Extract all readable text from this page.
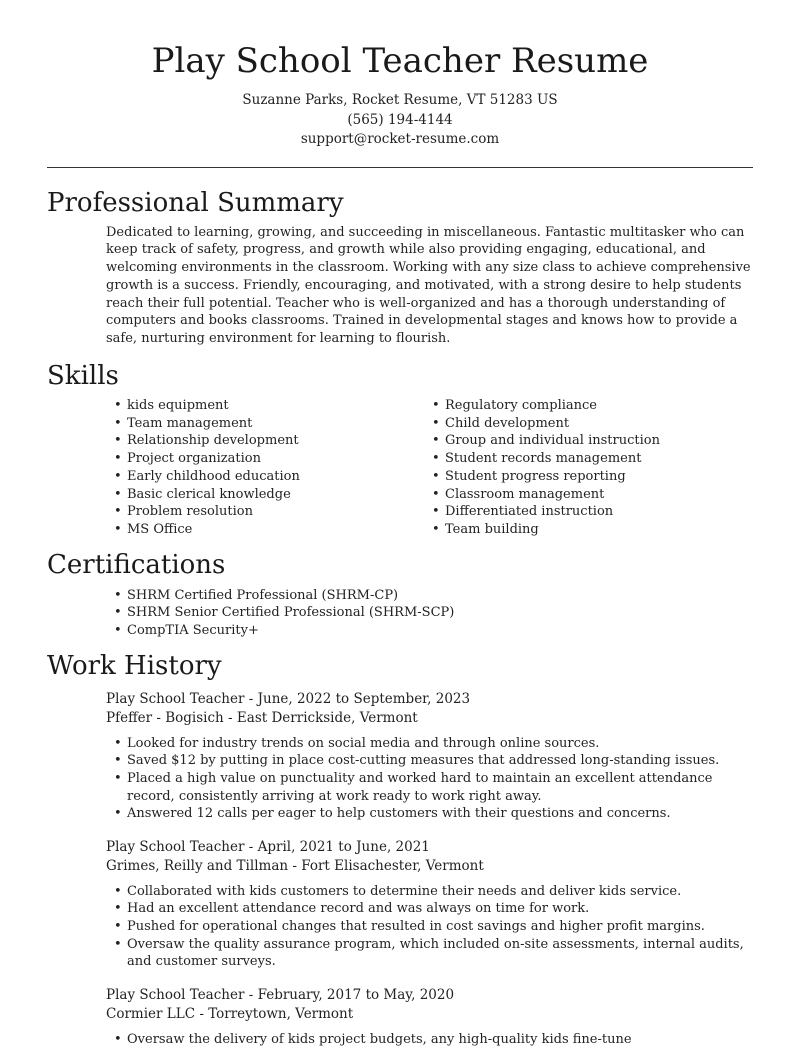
Play School Teacher Resume
Suzanne Parks, Rocket Resume, VT 51283 US
(565) 194-4144
support@rocket-resume.com
Professional Summary

Dedicated to learning, growing, and succeeding in miscellaneous. Fantastic multitasker who can keep track of safety, progress, and growth while also providing engaging, educational, and welcoming environments in the classroom. Working with any size class to achieve comprehensive growth is a success. Friendly, encouraging, and motivated, with a strong desire to help students reach their full potential. Teacher who is well-organized and has a thorough understanding of computers and books classrooms. Trained in developmental stages and knows how to provide a safe, nurturing environment for learning to flourish.

Skills
• kids equipment
• Team management
• Relationship development
• Project organization
• Early childhood education
• Basic clerical knowledge
• Problem resolution
• MS Office
• Regulatory compliance
• Child development
• Group and individual instruction
• Student records management
• Student progress reporting
• Classroom management
• Differentiated instruction
• Team building
Certifications
• SHRM Certified Professional (SHRM-CP)
• SHRM Senior Certified Professional (SHRM-SCP)
• CompTIA Security+
Work History
Play School Teacher - June, 2022 to September, 2023
Pfeffer - Bogisich - East Derrickside, Vermont
• Looked for industry trends on social media and through online sources.
• Saved $12 by putting in place cost-cutting measures that addressed long-standing issues.
• Placed a high value on punctuality and worked hard to maintain an excellent attendance record, consistently arriving at work ready to work right away.
• Answered 12 calls per eager to help customers with their questions and concerns.
Play School Teacher - April, 2021 to June, 2021
Grimes, Reilly and Tillman - Fort Elisachester, Vermont
• Collaborated with kids customers to determine their needs and deliver kids service.
• Had an excellent attendance record and was always on time for work.
• Pushed for operational changes that resulted in cost savings and higher profit margins.
• Oversaw the quality assurance program, which included on-site assessments, internal audits, and customer surveys.
Play School Teacher - February, 2017 to May, 2020
Cormier LLC - Torreytown, Vermont
• Oversaw the delivery of kids project budgets, any high-quality kids fine-tune
